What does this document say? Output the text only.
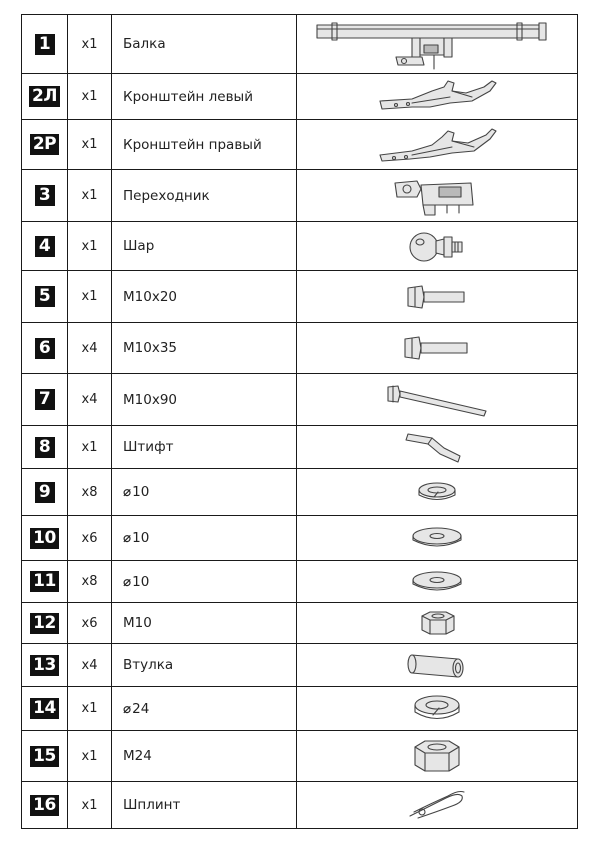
1	x1	Балка	

2Л	x1	Кронштейн левый	

2Р	x1	Кронштейн правый	

3	x1	Переходник	

4	x1	Шар	

5	x1	М10х20	

6	x4	М10х35	

7	x4	М10х90	

8	x1	Штифт	

9	x8	⌀10	

10	x6	⌀10	

11	x8	⌀10	

12	x6	М10	

13	x4	Втулка	

14	x1	⌀24	

15	x1	М24	

16	x1	Шплинт	
